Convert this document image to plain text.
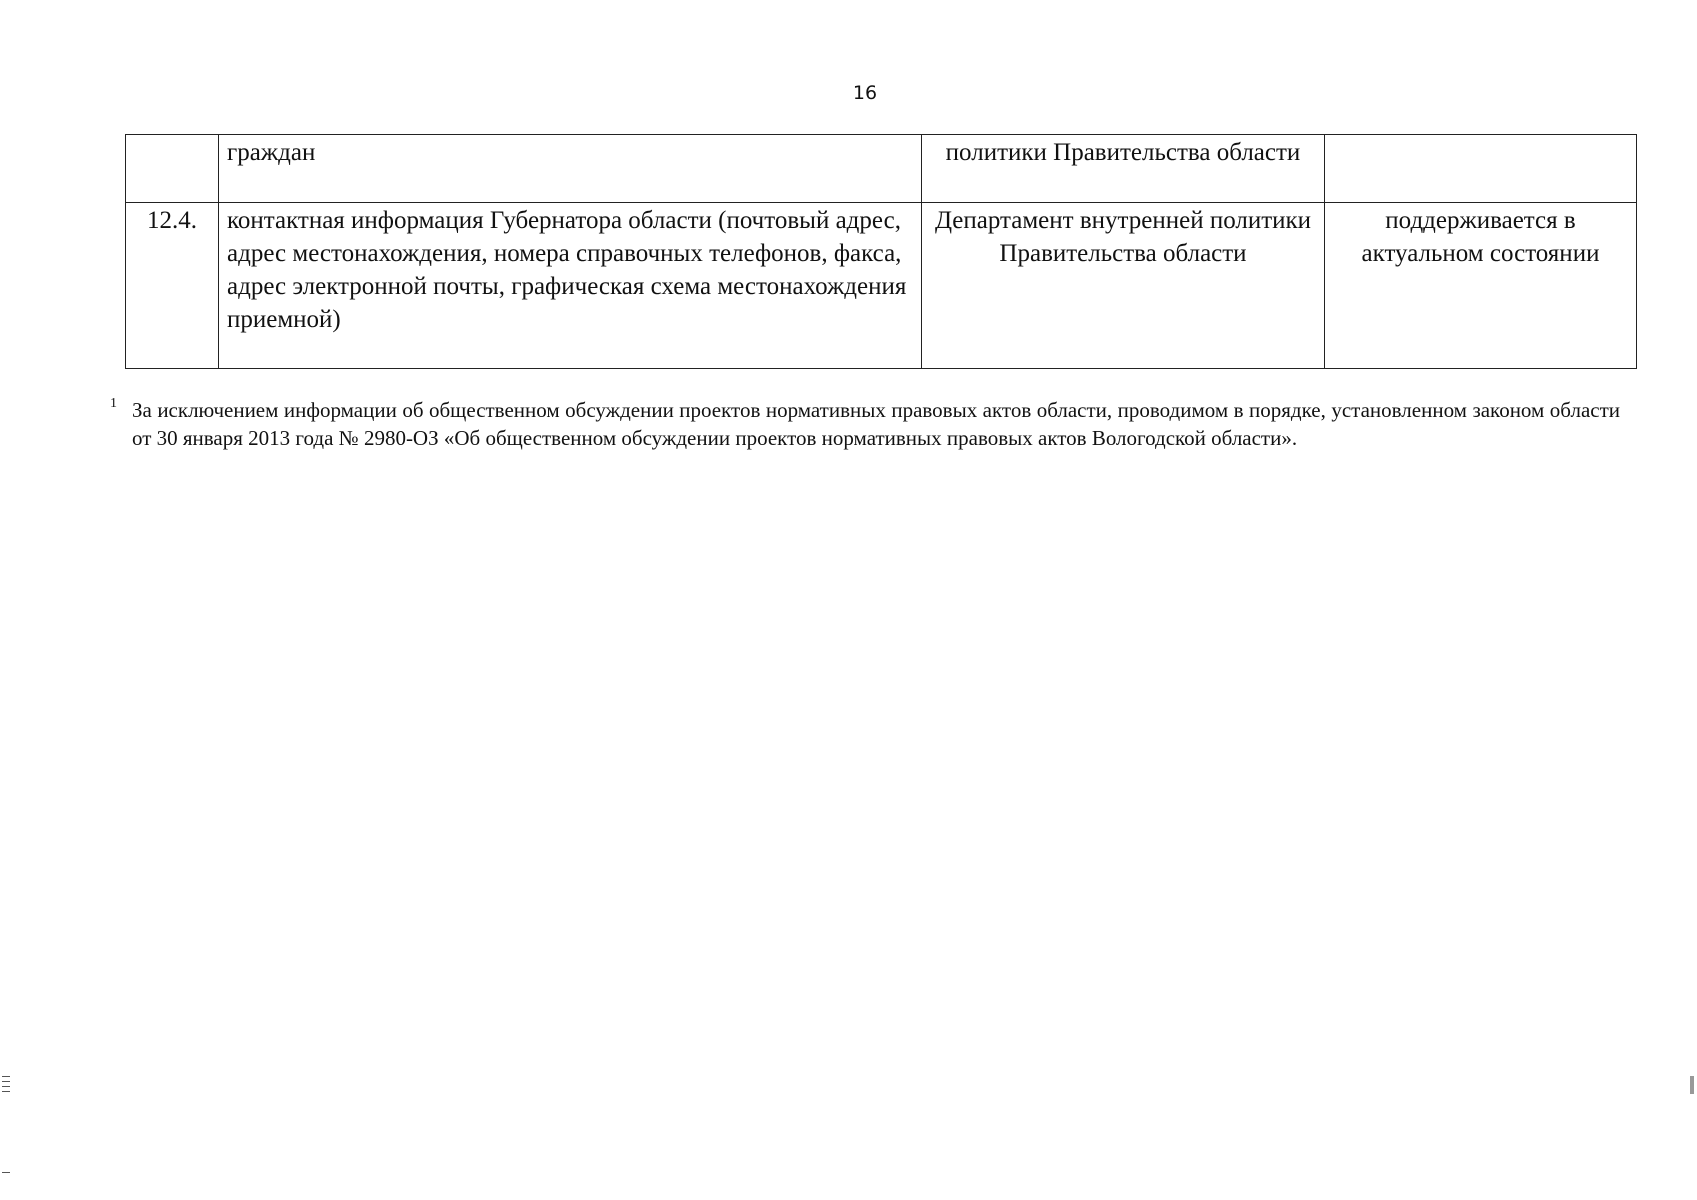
16
	граждан	политики Правительства области	
12.4.	контактная информация Губернатора области (почтовый адрес, адрес местонахождения, номера справочных телефонов, факса, адрес электронной почты, графическая схема местонахождения приемной)	Департамент внутренней политики Правительства области	поддерживается в актуальном состоянии
1 За исключением информации об общественном обсуждении проектов нормативных правовых актов области, проводимом в порядке, установленном законом области от 30 января 2013 года № 2980-ОЗ «Об общественном обсуждении проектов нормативных правовых актов Вологодской области».
